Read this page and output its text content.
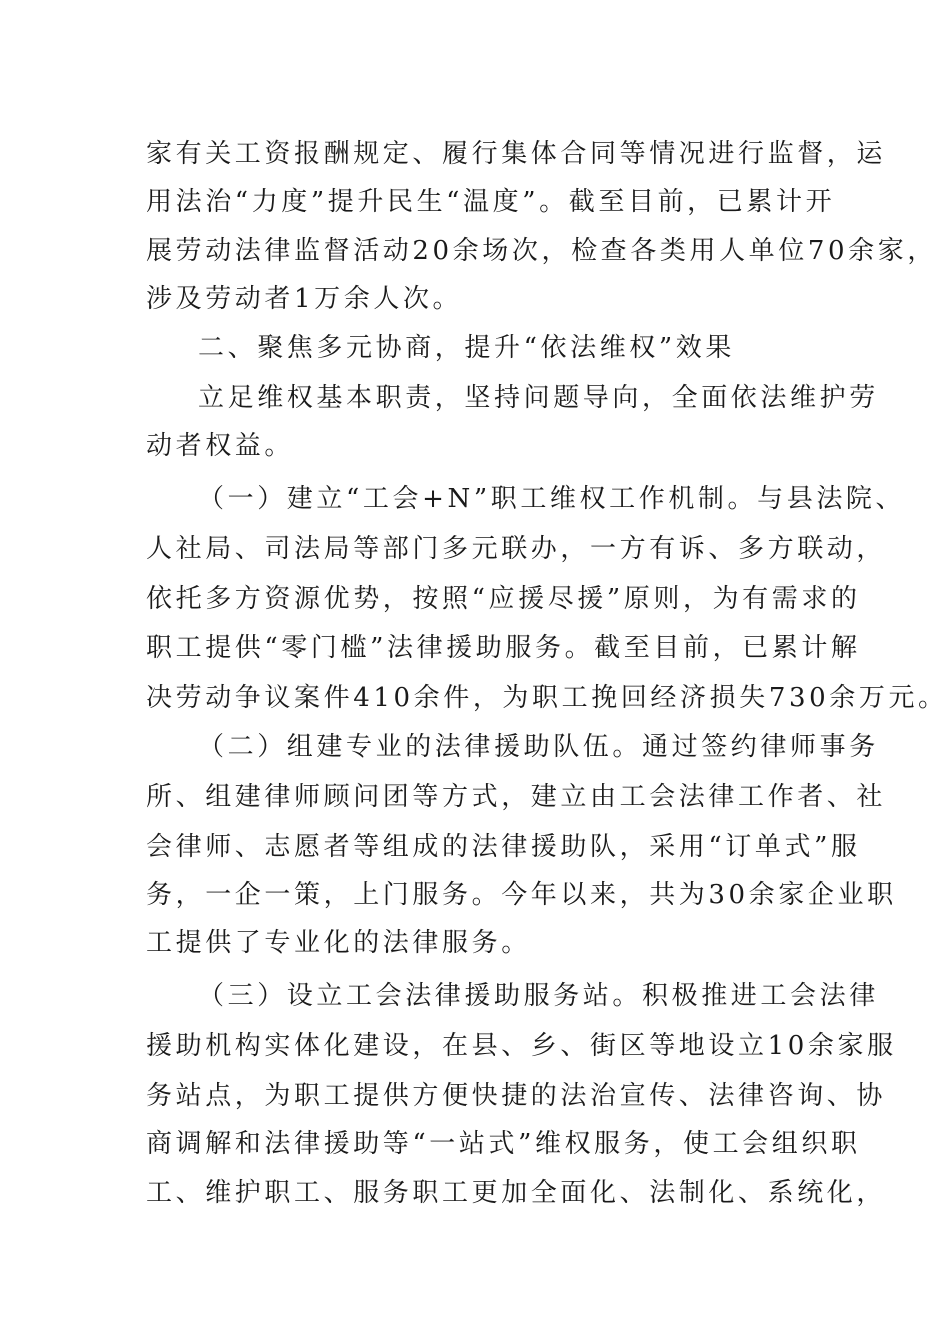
家有关工资报酬规定、履行集体合同等情况进行监督，运
用法治“力度”提升民生“温度”。截至目前，已累计开
展劳动法律监督活动20余场次，检查各类用人单位70余家，
涉及劳动者1万余人次。
二、聚焦多元协商，提升“依法维权”效果
立足维权基本职责，坚持问题导向，全面依法维护劳
动者权益。
（一）建立“工会+N”职工维权工作机制。与县法院、
人社局、司法局等部门多元联办，一方有诉、多方联动，
依托多方资源优势，按照“应援尽援”原则，为有需求的
职工提供“零门槛”法律援助服务。截至目前，已累计解
决劳动争议案件410余件，为职工挽回经济损失730余万元。
（二）组建专业的法律援助队伍。通过签约律师事务
所、组建律师顾问团等方式，建立由工会法律工作者、社
会律师、志愿者等组成的法律援助队，采用“订单式”服
务，一企一策，上门服务。今年以来，共为30余家企业职
工提供了专业化的法律服务。
（三）设立工会法律援助服务站。积极推进工会法律
援助机构实体化建设，在县、乡、街区等地设立10余家服
务站点，为职工提供方便快捷的法治宣传、法律咨询、协
商调解和法律援助等“一站式”维权服务，使工会组织职
工、维护职工、服务职工更加全面化、法制化、系统化，
